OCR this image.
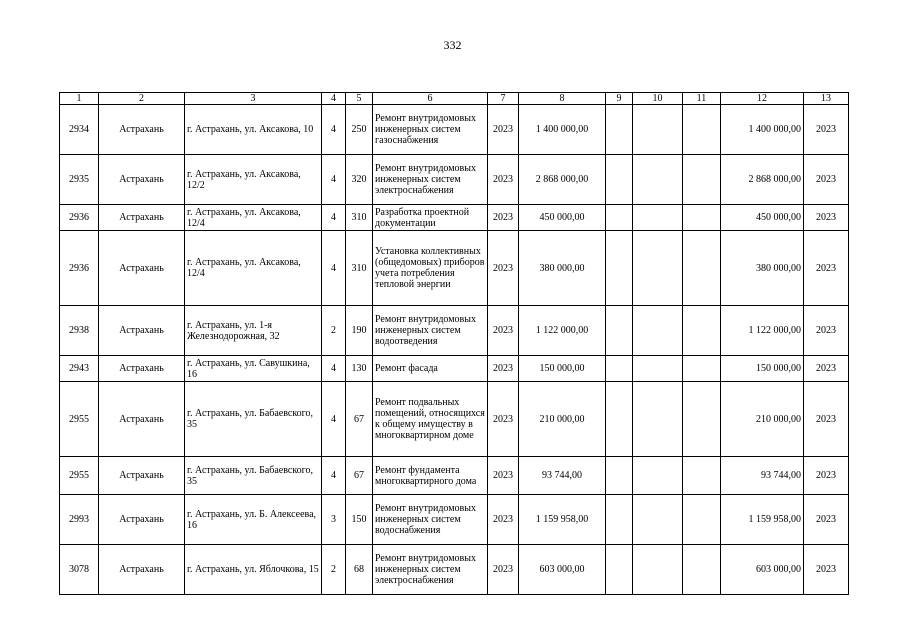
332
1	2	3	4	5	6	7	8	9	10	11	12	13
2934	Астрахань	г. Астрахань, ул. Аксакова, 10	4	250	Ремонт внутридомовых инженерных систем газоснабжения	2023	1 400 000,00				1 400 000,00	2023
2935	Астрахань	г. Астрахань, ул. Аксакова, 12/2	4	320	Ремонт внутридомовых инженерных систем электроснабжения	2023	2 868 000,00				2 868 000,00	2023
2936	Астрахань	г. Астрахань, ул. Аксакова, 12/4	4	310	Разработка проектной документации	2023	450 000,00				450 000,00	2023
2936	Астрахань	г. Астрахань, ул. Аксакова, 12/4	4	310	Установка коллективных (общедомовых) приборов учета потребления тепловой энергии	2023	380 000,00				380 000,00	2023
2938	Астрахань	г. Астрахань, ул. 1-я Железнодорожная, 32	2	190	Ремонт внутридомовых инженерных систем водоотведения	2023	1 122 000,00				1 122 000,00	2023
2943	Астрахань	г. Астрахань, ул. Савушкина, 16	4	130	Ремонт фасада	2023	150 000,00				150 000,00	2023
2955	Астрахань	г. Астрахань, ул. Бабаевского, 35	4	67	Ремонт подвальных помещений, относящихся к общему имуществу в многоквартирном доме	2023	210 000,00				210 000,00	2023
2955	Астрахань	г. Астрахань, ул. Бабаевского, 35	4	67	Ремонт фундамента многоквартирного дома	2023	93 744,00				93 744,00	2023
2993	Астрахань	г. Астрахань, ул. Б. Алексеева, 16	3	150	Ремонт внутридомовых инженерных систем водоснабжения	2023	1 159 958,00				1 159 958,00	2023
3078	Астрахань	г. Астрахань, ул. Яблочкова, 15	2	68	Ремонт внутридомовых инженерных систем электроснабжения	2023	603 000,00				603 000,00	2023
